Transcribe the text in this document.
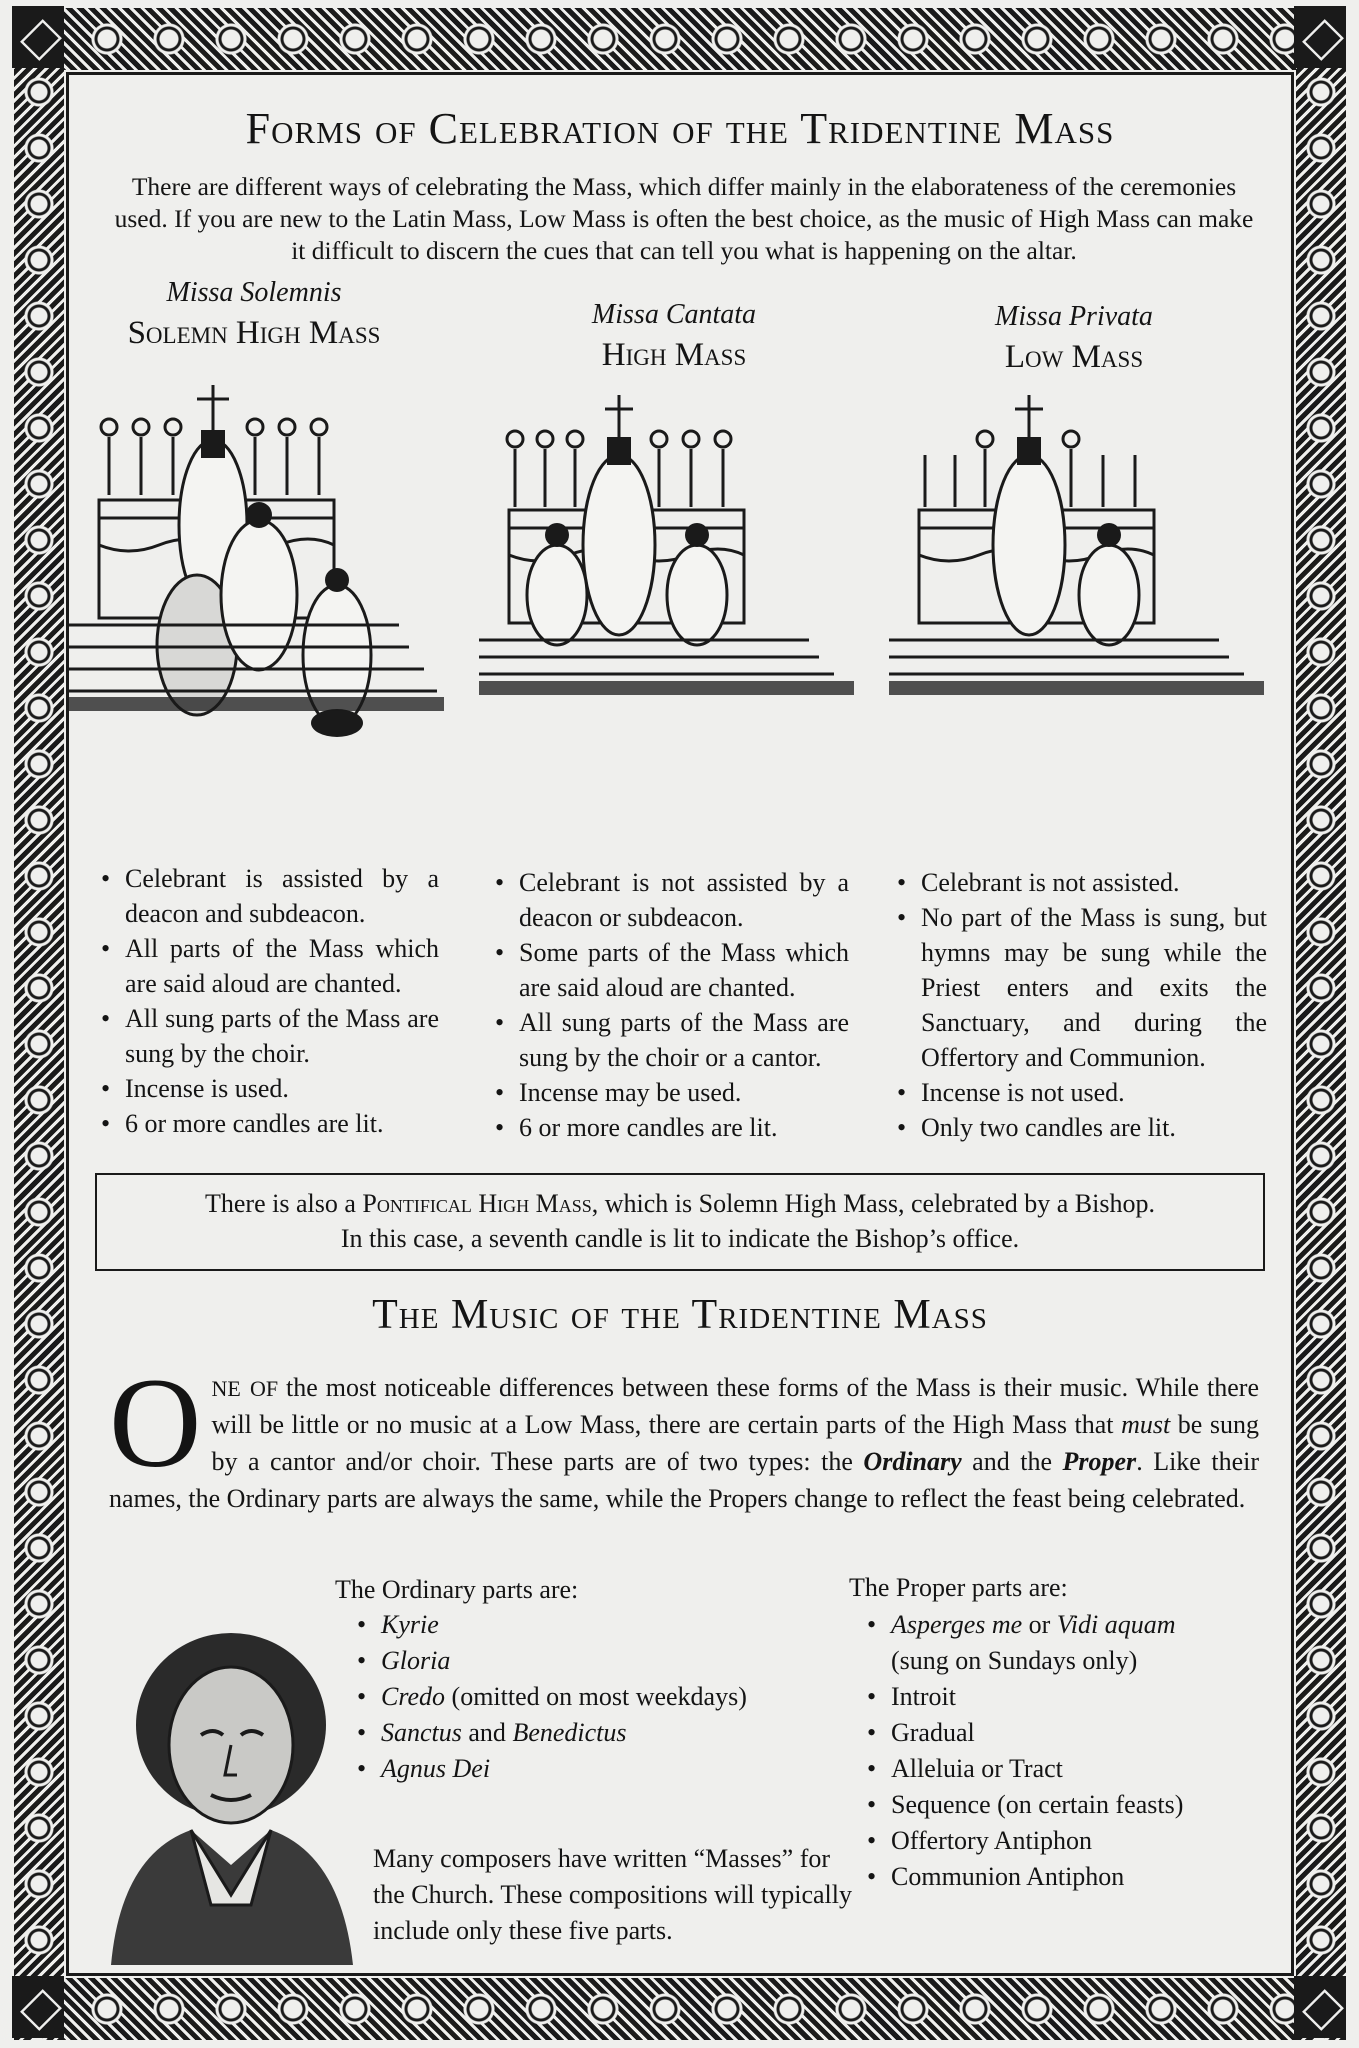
Forms of Celebration of the Tridentine Mass

There are different ways of celebrating the Mass, which differ mainly in the elaborateness of the ceremonies used. If you are new to the Latin Mass, Low Mass is often the best choice, as the music of High Mass can make it difficult to discern the cues that can tell you what is happening on the altar.

Missa Solemnis
Solemn High Mass
Missa Cantata
High Mass
Missa Privata
Low Mass
• Celebrant is assisted by a deacon and subdeacon.
• All parts of the Mass which are said aloud are chanted.
• All sung parts of the Mass are sung by the choir.
• Incense is used.
• 6 or more candles are lit.
• Celebrant is not assisted by a deacon or subdeacon.
• Some parts of the Mass which are said aloud are chanted.
• All sung parts of the Mass are sung by the choir or a cantor.
• Incense may be used.
• 6 or more candles are lit.
• Celebrant is not assisted.
• No part of the Mass is sung, but hymns may be sung while the Priest enters and exits the Sanctuary, and during the Offertory and Communion.
• Incense is not used.
• Only two candles are lit.
There is also a Pontifical High Mass, which is Solemn High Mass, celebrated by a Bishop.
In this case, a seventh candle is lit to indicate the Bishop’s office.
The Music of the Tridentine Mass

One of the most noticeable differences between these forms of the Mass is their music. While there will be little or no music at a Low Mass, there are certain parts of the High Mass that must be sung by a cantor and/or choir. These parts are of two types: the Ordinary and the Proper. Like their names, the Ordinary parts are always the same, while the Propers change to reflect the feast being celebrated.

The Ordinary parts are:	The Proper parts are:
• Kyrie
• Gloria
• Credo (omitted on most weekdays)
• Sanctus and Benedictus
• Agnus Dei

Many composers have written “Masses” for the Church. These compositions will typically include only these five parts.

• Asperges me or Vidi aquam
(sung on Sundays only)
• Introit
• Gradual
• Alleluia or Tract
• Sequence (on certain feasts)
• Offertory Antiphon
• Communion Antiphon
